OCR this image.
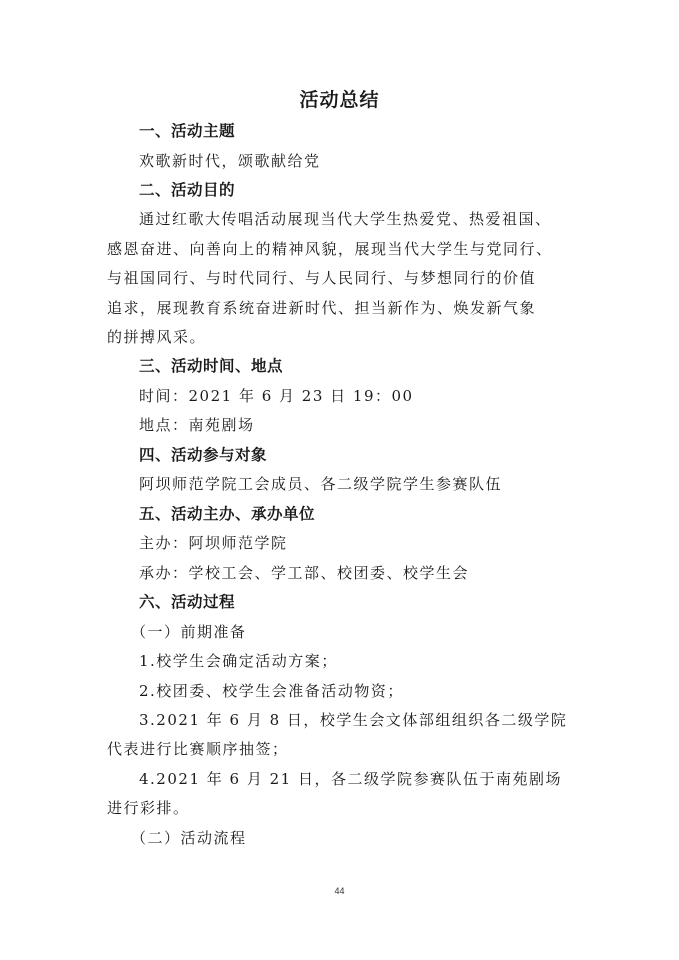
活动总结
一、活动主题
欢歌新时代，颂歌献给党
二、活动目的
通过红歌大传唱活动展现当代大学生热爱党、热爱祖国、
感恩奋进、向善向上的精神风貌，展现当代大学生与党同行、
与祖国同行、与时代同行、与人民同行、与梦想同行的价值
追求，展现教育系统奋进新时代、担当新作为、焕发新气象
的拼搏风采。
三、活动时间、地点
时间：2021 年 6 月 23 日 19：00
地点：南苑剧场
四、活动参与对象
阿坝师范学院工会成员、各二级学院学生参赛队伍
五、活动主办、承办单位
主办：阿坝师范学院
承办：学校工会、学工部、校团委、校学生会
六、活动过程
（一）前期准备
1.校学生会确定活动方案；
2.校团委、校学生会准备活动物资；
3.2021 年 6 月 8 日，校学生会文体部组组织各二级学院
代表进行比赛顺序抽签；
4.2021 年 6 月 21 日，各二级学院参赛队伍于南苑剧场
进行彩排。
（二）活动流程
44
